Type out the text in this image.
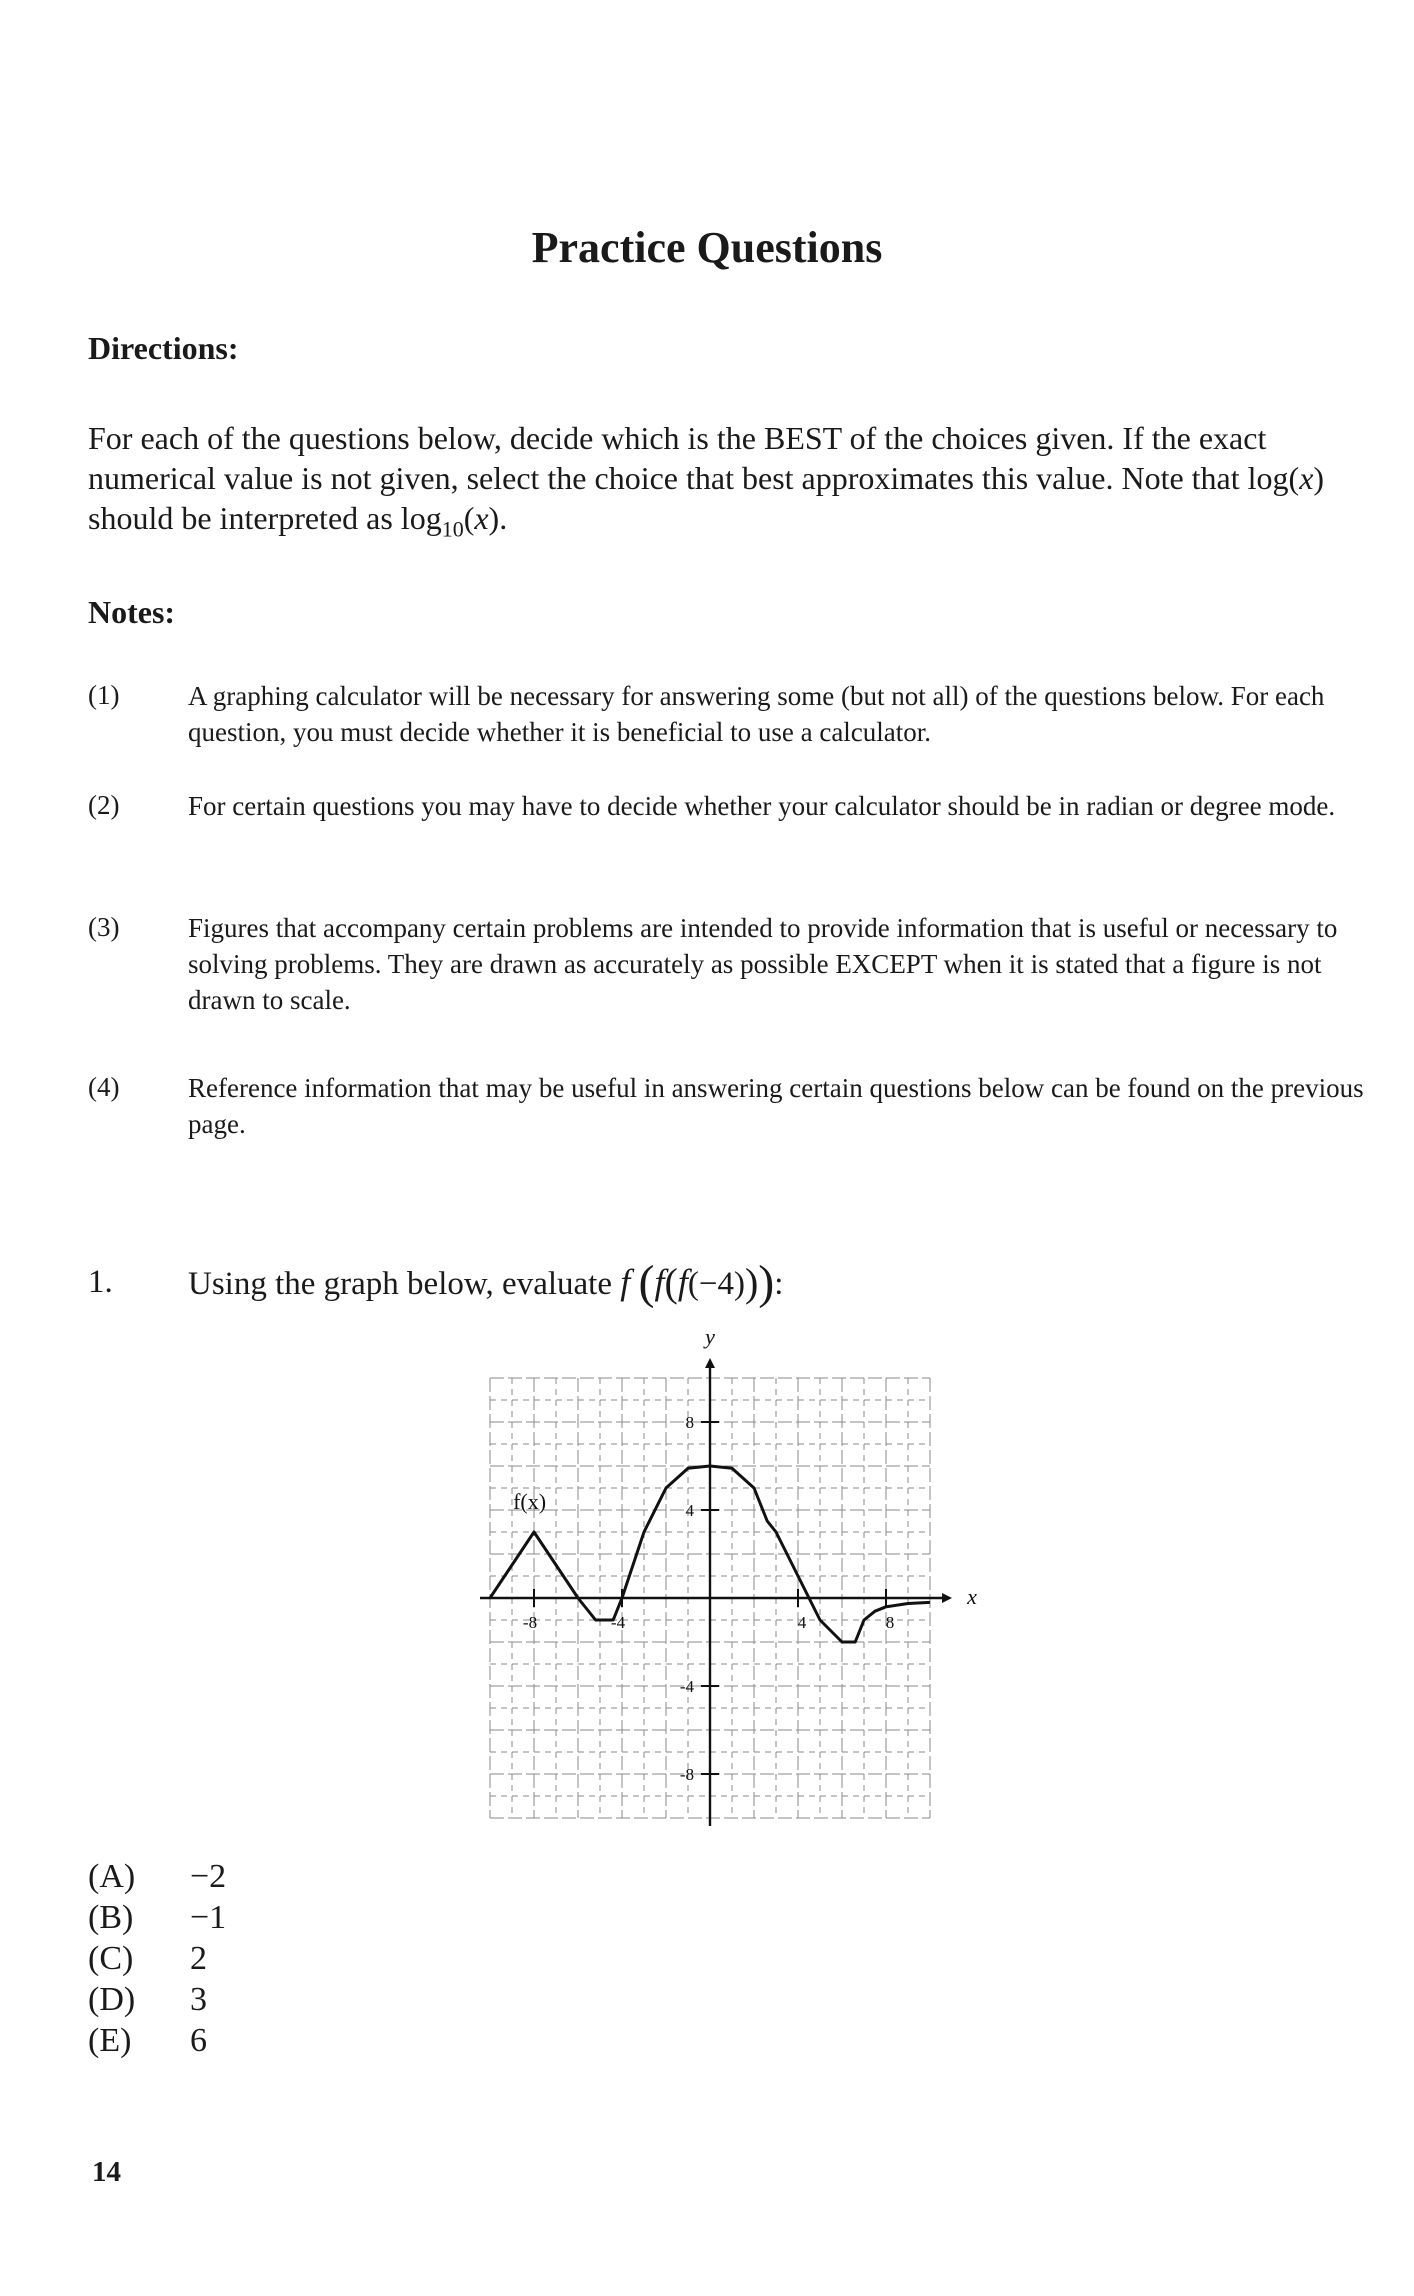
Practice Questions
Directions:
For each of the questions below, decide which is the BEST of the choices given. If the exact numerical value is not given, select the choice that best approximates this value. Note that log(x) should be interpreted as $\log_{10}(x)$.
Notes:
(1)	A graphing calculator will be necessary for answering some (but not all) of the questions below. For each question, you must decide whether it is beneficial to use a calculator.
(2)	For certain questions you may have to decide whether your calculator should be in radian or degree mode.
(3)	Figures that accompany certain problems are intended to provide information that is useful or necessary to solving problems. They are drawn as accurately as possible EXCEPT when it is stated that a figure is not drawn to scale.
(4)	Reference information that may be useful in answering certain questions below can be found on the previous page.
1. Using the graph below, evaluate f (f(f(−4))):
-8	-4	4	8
8
4
-4
-8
x
y
f(x)
(A) −2
(B) −1
(C) 2
(D) 3
(E) 6
14
